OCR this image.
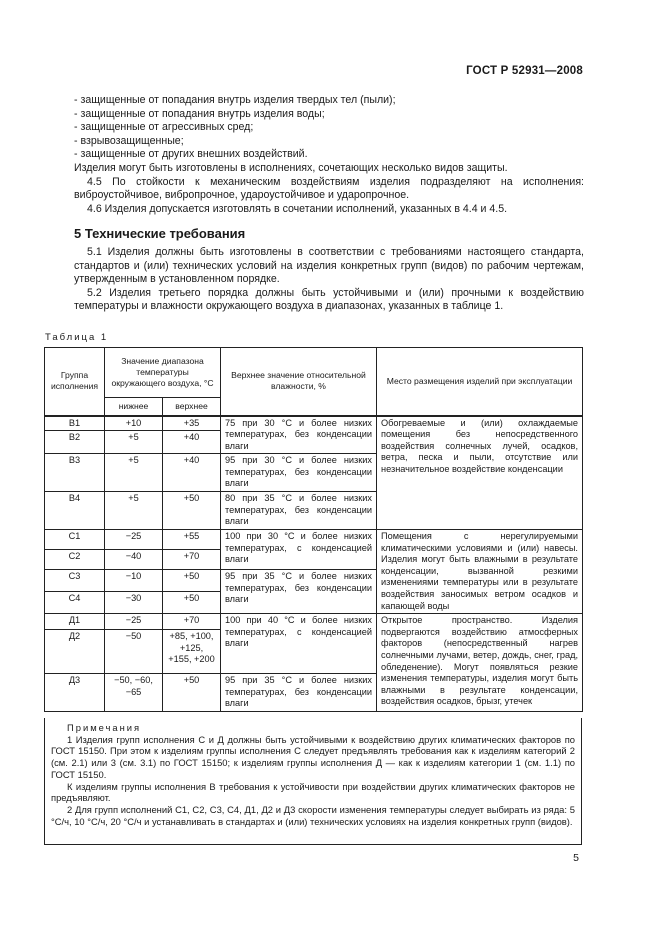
ГОСТ Р 52931—2008

- защищенные от попадания внутрь изделия твердых тел (пыли);

- защищенные от попадания внутрь изделия воды;

- защищенные от агрессивных сред;

- взрывозащищенные;

- защищенные от других внешних воздействий.

Изделия могут быть изготовлены в исполнениях, сочетающих несколько видов защиты.

4.5 По стойкости к механическим воздействиям изделия подразделяют на исполнения: виброустойчивое, вибропрочное, удароустойчивое и ударопрочное.

4.6 Изделия допускается изготовлять в сочетании исполнений, указанных в 4.4 и 4.5.

5 Технические требования

5.1 Изделия должны быть изготовлены в соответствии с требованиями настоящего стандарта, стандартов и (или) технических условий на изделия конкретных групп (видов) по рабочим чертежам, утвержденным в установленном порядке.

5.2 Изделия третьего порядка должны быть устойчивыми и (или) прочными к воздействию температуры и влажности окружающего воздуха в диапазонах, указанных в таблице 1.

Таблица 1
Группа исполнения	Значение диапазона температуры окружающего воздуха, °С		Верхнее значение относительной влажности, %	Место размещения изделий при эксплуатации
	нижнее	верхнее		
В1	+10	+35	75 при 30 °С и более низких температурах, без конденсации влаги	Обогреваемые и (или) охлаждаемые помещения без непосредственного воздействия солнечных лучей, осадков, ветра, песка и пыли, отсутствие или незначительное воздействие конденсации
В2	+5	+40		
В3	+5	+40	95 при 30 °С и более низких температурах, без конденсации влаги	
В4	+5	+50	80 при 35 °С и более низких температурах, без конденсации влаги	
С1	−25	+55	100 при 30 °С и более низких температурах, с конденсацией влаги	Помещения с нерегулируемыми климатическими условиями и (или) навесы. Изделия могут быть влажными в результате конденсации, вызванной резкими изменениями температуры или в результате воздействия заносимых ветром осадков и капающей воды
С2	−40	+70		
С3	−10	+50	95 при 35 °С и более низких температурах, без конденсации влаги	
С4	−30	+50		
Д1	−25	+70	100 при 40 °С и более низких температурах, с конденсацией влаги	Открытое пространство. Изделия подвергаются воздействию атмосферных факторов (непосредственный нагрев солнечными лучами, ветер, дождь, снег, град, обледенение). Могут появляться резкие изменения температуры, изделия могут быть влажными в результате конденсации, воздействия осадков, брызг, утечек
Д2	−50	+85, +100, +125, +155, +200		
Д3	−50, −60, −65	+50	95 при 35 °С и более низких температурах, без конденсации влаги	

Примечания

1 Изделия групп исполнения С и Д должны быть устойчивыми к воздействию других климатических факторов по ГОСТ 15150. При этом к изделиям группы исполнения С следует предъявлять требования как к изделиям категорий 2 (см. 2.1) или 3 (см. 3.1) по ГОСТ 15150; к изделиям группы исполнения Д — как к изделиям категории 1 (см. 1.1) по ГОСТ 15150.

К изделиям группы исполнения В требования к устойчивости при воздействии других климатических факторов не предъявляют.

2 Для групп исполнений С1, С2, С3, С4, Д1, Д2 и Д3 скорости изменения температуры следует выбирать из ряда: 5 °С/ч, 10 °С/ч, 20 °С/ч и устанавливать в стандартах и (или) технических условиях на изделия конкретных групп (видов).

5
